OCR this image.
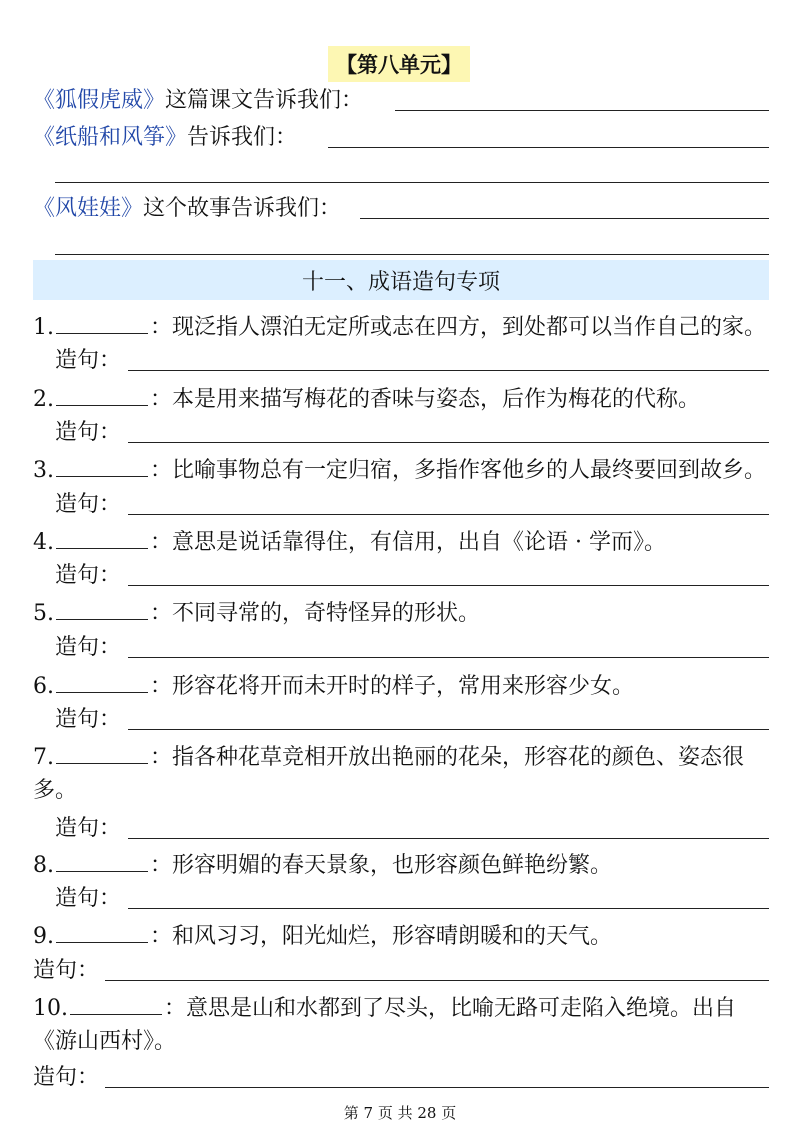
【第八单元】
《狐假虎威》这篇课文告诉我们：
《纸船和风筝》告诉我们：
《风娃娃》这个故事告诉我们：
十一、成语造句专项
1.	：现泛指人漂泊无定所或志在四方，到处都可以当作自己的家。
造句：
2.	：本是用来描写梅花的香味与姿态，后作为梅花的代称。
造句：
3.	：比喻事物总有一定归宿，多指作客他乡的人最终要回到故乡。
造句：
4.	：意思是说话靠得住，有信用，出自《论语 · 学而》。
造句：
5.	：不同寻常的，奇特怪异的形状。
造句：
6.	：形容花将开而未开时的样子，常用来形容少女。
造句：
7.	：指各种花草竞相开放出艳丽的花朵，形容花的颜色、姿态很
多。
造句：
8.	：形容明媚的春天景象，也形容颜色鲜艳纷繁。
造句：
9.	：和风习习，阳光灿烂，形容晴朗暖和的天气。
造句：
10.	：意思是山和水都到了尽头，比喻无路可走陷入绝境。出自
《游山西村》。
造句：
第 7 页 共 28 页
